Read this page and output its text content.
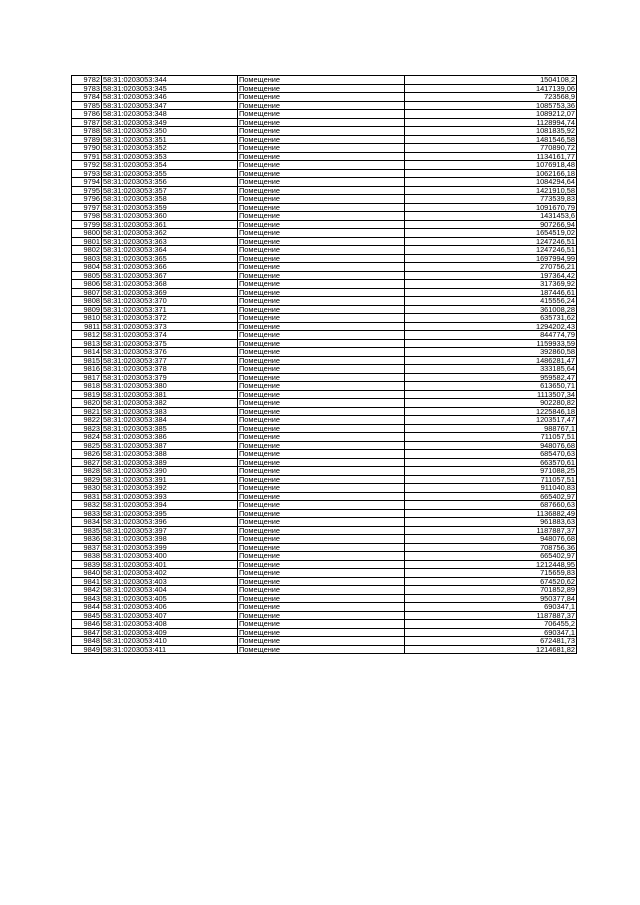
9782	58:31:0203053:344	Помещение	1504108,2
9783	58:31:0203053:345	Помещение	1417139,06
9784	58:31:0203053:346	Помещение	723568,9
9785	58:31:0203053:347	Помещение	1085753,36
9786	58:31:0203053:348	Помещение	1089212,07
9787	58:31:0203053:349	Помещение	1128994,74
9788	58:31:0203053:350	Помещение	1081835,92
9789	58:31:0203053:351	Помещение	1481546,58
9790	58:31:0203053:352	Помещение	770890,72
9791	58:31:0203053:353	Помещение	1134161,77
9792	58:31:0203053:354	Помещение	1076918,48
9793	58:31:0203053:355	Помещение	1062166,18
9794	58:31:0203053:356	Помещение	1084294,64
9795	58:31:0203053:357	Помещение	1421910,58
9796	58:31:0203053:358	Помещение	773539,83
9797	58:31:0203053:359	Помещение	1091670,79
9798	58:31:0203053:360	Помещение	1431453,6
9799	58:31:0203053:361	Помещение	907266,94
9800	58:31:0203053:362	Помещение	1654519,02
9801	58:31:0203053:363	Помещение	1247246,51
9802	58:31:0203053:364	Помещение	1247246,51
9803	58:31:0203053:365	Помещение	1697994,99
9804	58:31:0203053:366	Помещение	270756,21
9805	58:31:0203053:367	Помещение	197364,42
9806	58:31:0203053:368	Помещение	317369,92
9807	58:31:0203053:369	Помещение	187446,61
9808	58:31:0203053:370	Помещение	415556,24
9809	58:31:0203053:371	Помещение	361008,28
9810	58:31:0203053:372	Помещение	635731,62
9811	58:31:0203053:373	Помещение	1294202,43
9812	58:31:0203053:374	Помещение	844774,79
9813	58:31:0203053:375	Помещение	1159933,59
9814	58:31:0203053:376	Помещение	392860,58
9815	58:31:0203053:377	Помещение	1486281,47
9816	58:31:0203053:378	Помещение	333185,64
9817	58:31:0203053:379	Помещение	959582,47
9818	58:31:0203053:380	Помещение	613650,71
9819	58:31:0203053:381	Помещение	1113507,34
9820	58:31:0203053:382	Помещение	902280,82
9821	58:31:0203053:383	Помещение	1225846,18
9822	58:31:0203053:384	Помещение	1203517,47
9823	58:31:0203053:385	Помещение	988767,1
9824	58:31:0203053:386	Помещение	711057,51
9825	58:31:0203053:387	Помещение	948076,68
9826	58:31:0203053:388	Помещение	685470,63
9827	58:31:0203053:389	Помещение	663570,61
9828	58:31:0203053:390	Помещение	971088,25
9829	58:31:0203053:391	Помещение	711057,51
9830	58:31:0203053:392	Помещение	911040,83
9831	58:31:0203053:393	Помещение	665402,97
9832	58:31:0203053:394	Помещение	687660,63
9833	58:31:0203053:395	Помещение	1136882,49
9834	58:31:0203053:396	Помещение	961883,63
9835	58:31:0203053:397	Помещение	1187887,37
9836	58:31:0203053:398	Помещение	948076,68
9837	58:31:0203053:399	Помещение	708756,36
9838	58:31:0203053:400	Помещение	665402,97
9839	58:31:0203053:401	Помещение	1212448,95
9840	58:31:0203053:402	Помещение	715659,83
9841	58:31:0203053:403	Помещение	674520,62
9842	58:31:0203053:404	Помещение	701852,89
9843	58:31:0203053:405	Помещение	950377,84
9844	58:31:0203053:406	Помещение	690347,1
9845	58:31:0203053:407	Помещение	1187887,37
9846	58:31:0203053:408	Помещение	706455,2
9847	58:31:0203053:409	Помещение	690347,1
9848	58:31:0203053:410	Помещение	672481,73
9849	58:31:0203053:411	Помещение	1214681,82
